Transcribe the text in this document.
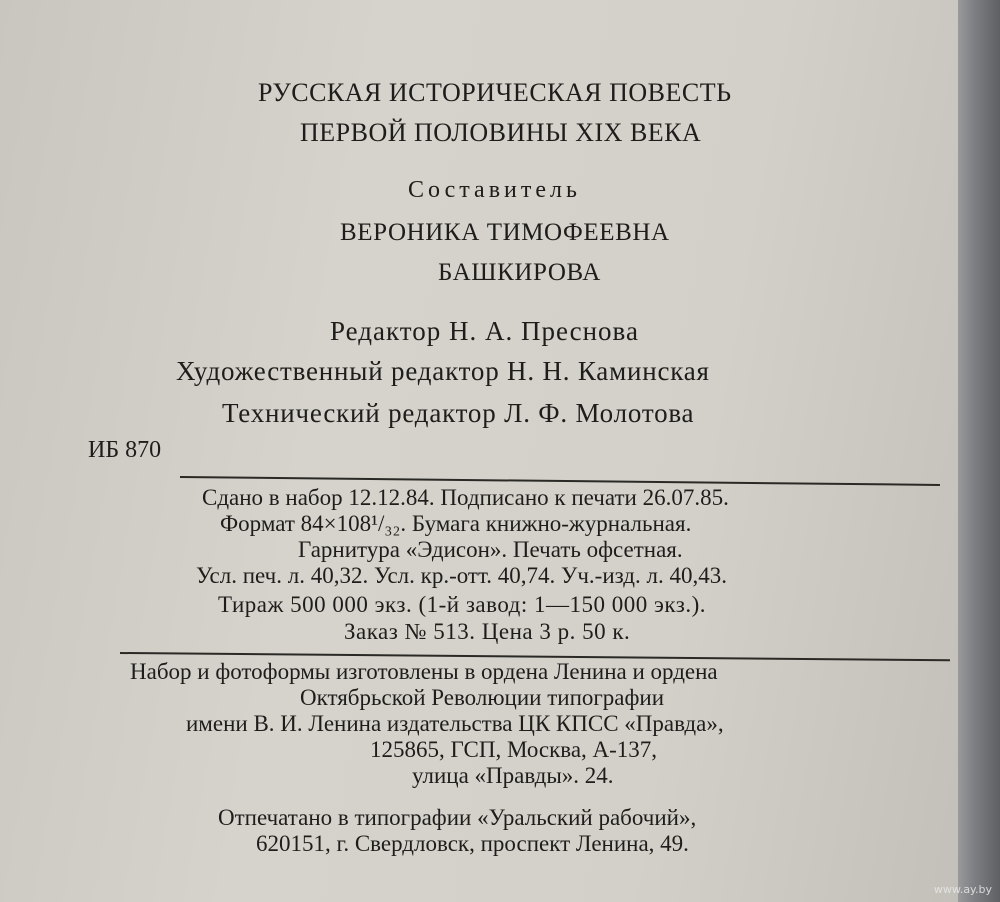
РУССКАЯ ИСТОРИЧЕСКАЯ ПОВЕСТЬ
ПЕРВОЙ ПОЛОВИНЫ XIX ВЕКА
Составитель
ВЕРОНИКА ТИМОФЕЕВНА
БАШКИРОВА
Редактор Н. А. Преснова
Художественный редактор Н. Н. Каминская
Технический редактор Л. Ф. Молотова
ИБ 870
Сдано в набор 12.12.84. Подписано к печати 26.07.85.
Формат 84×108¹/₃₂. Бумага книжно-журнальная.
Гарнитура «Эдисон». Печать офсетная.
Усл. печ. л. 40,32. Усл. кр.-отт. 40,74. Уч.-изд. л. 40,43.
Тираж 500 000 экз. (1-й завод: 1—150 000 экз.).
Заказ № 513. Цена 3 р. 50 к.
Набор и фотоформы изготовлены в ордена Ленина и ордена
Октябрьской Революции типографии
имени В. И. Ленина издательства ЦК КПСС «Правда»,
125865, ГСП, Москва, А-137,
улица «Правды». 24.
Отпечатано в типографии «Уральский рабочий»,
620151, г. Свердловск, проспект Ленина, 49.
www.ay.by
